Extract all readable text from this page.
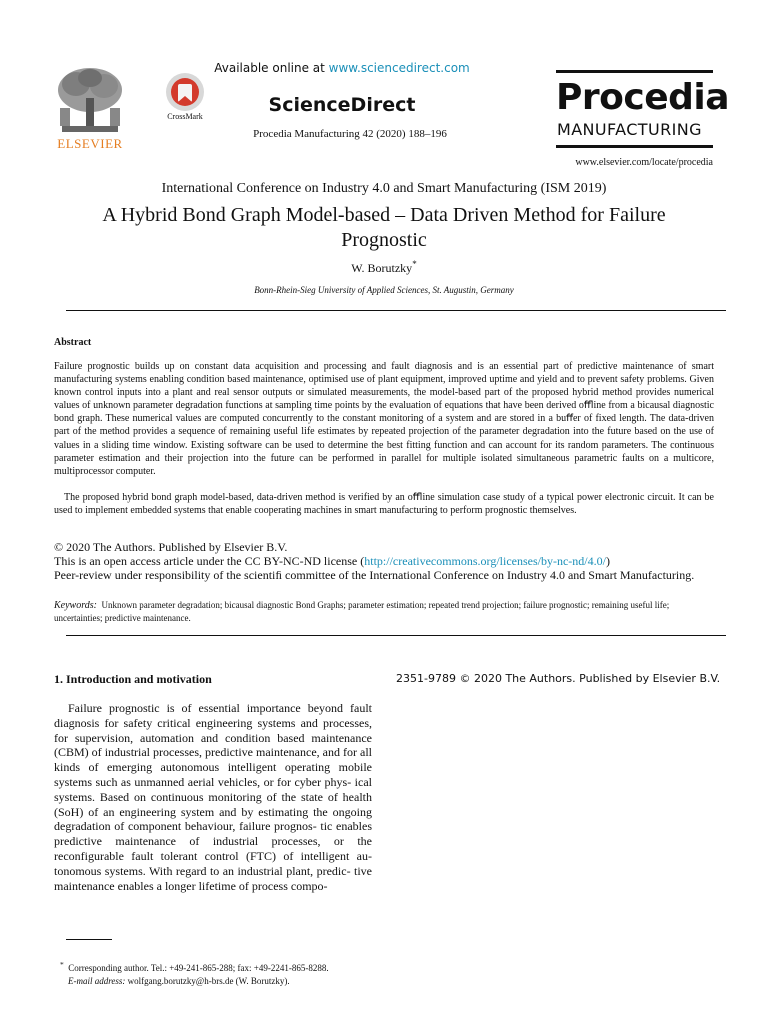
ELSEVIER
CrossMark
Available online at www.sciencedirect.com
ScienceDirect
Procedia Manufacturing 42 (2020) 188–196
Procedia
MANUFACTURING
www.elsevier.com/locate/procedia
International Conference on Industry 4.0 and Smart Manufacturing (ISM 2019)
A Hybrid Bond Graph Model-based – Data Driven Method for Failure
Prognostic
W. Borutzky*
Bonn-Rhein-Sieg University of Applied Sciences, St. Augustin, Germany
Abstract

Failure prognostic builds up on constant data acquisition and processing and fault diagnosis and is an essential part of predictive maintenance of smart manufacturing systems enabling condition based maintenance, optimised use of plant equipment, improved uptime and yield and to prevent safety problems. Given known control inputs into a plant and real sensor outputs or simulated measurements, the model-based part of the proposed hybrid method provides numerical values of unknown parameter degradation functions at sampling time points by the evaluation of equations that have been derived oﬄine from a bicausal diagnostic bond graph. These numerical values are computed concurrently to the constant monitoring of a system and are stored in a buﬀer of fixed length. The data-driven part of the method provides a sequence of remaining useful life estimates by repeated projection of the parameter degradation into the future based on the use of values in a sliding time window. Existing software can be used to determine the best fitting function and can account for its random parameters. The continuous parameter estimation and their projection into the future can be performed in parallel for multiple isolated simultaneous parametric faults on a multicore, multiprocessor computer.

The proposed hybrid bond graph model-based, data-driven method is verified by an oﬄine simulation case study of a typical power electronic circuit. It can be used to implement embedded systems that enable cooperating machines in smart manufacturing to perform prognostic themselves.

© 2020 The Authors. Published by Elsevier B.V.
This is an open access article under the CC BY-NC-ND license (http://creativecommons.org/licenses/by-nc-nd/4.0/)
Peer-review under responsibility of the scientiﬁ committee of the International Conference on Industry 4.0 and Smart Manufacturing.

Keywords: Unknown parameter degradation; bicausal diagnostic Bond Graphs; parameter estimation; repeated trend projection; failure prognostic; remaining useful life; uncertainties; predictive maintenance.

1. Introduction and motivation

Failure prognostic is of essential importance beyond fault diagnosis for safety critical engineering systems and processes, for supervision, automation and condition based maintenance (CBM) of industrial processes, predictive maintenance, and for all kinds of emerging autonomous intelligent operating mobile systems such as unmanned aerial vehicles, or for cyber phys- ical systems. Based on continuous monitoring of the state of health (SoH) of an engineering system and by estimating the ongoing degradation of component behaviour, failure prognos- tic enables predictive maintenance of industrial processes, or the reconfigurable fault tolerant control (FTC) of intelligent au- tonomous systems. With regard to an industrial plant, predic- tive maintenance enables a longer lifetime of process compo-

2351-9789 © 2020 The Authors. Published by Elsevier B.V.
* Corresponding author. Tel.: +49-241-865-288; fax: +49-2241-865-8288.
E-mail address: wolfgang.borutzky@h-brs.de (W. Borutzky).
